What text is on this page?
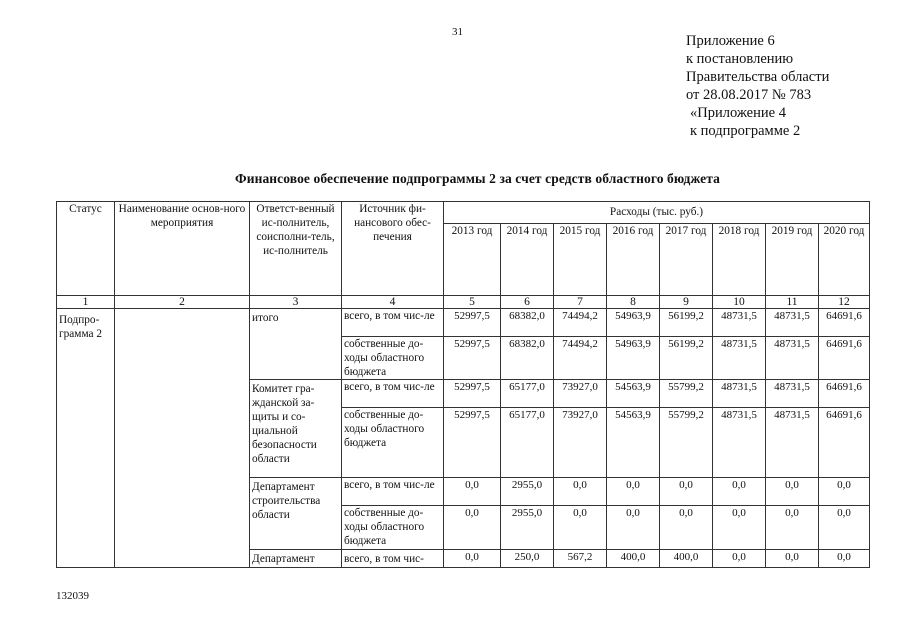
31
Приложение 6
к постановлению
Правительства области
от 28.08.2017 № 783
«Приложение 4
к подпрограмме 2
Финансовое обеспечение подпрограммы 2 за счет средств областного бюджета
Статус	Наименование основ-ного мероприятия	Ответст-венный ис-полнитель, соисполни-тель, ис-полнитель	Источник фи-нансового обес-печения	Расходы (тыс. руб.)							
				2013 год	2014 год	2015 год	2016 год	2017 год	2018 год	2019 год	2020 год
1	2	3	4	5	6	7	8	9	10	11	12
Подпро-грамма 2		итого	всего, в том чис-ле	52997,5	68382,0	74494,2	54963,9	56199,2	48731,5	48731,5	64691,6
			собственные до-ходы областного бюджета	52997,5	68382,0	74494,2	54963,9	56199,2	48731,5	48731,5	64691,6
		Комитет гра-жданской за-щиты и со-циальной безопасности области	всего, в том чис-ле	52997,5	65177,0	73927,0	54563,9	55799,2	48731,5	48731,5	64691,6
			собственные до-ходы областного бюджета	52997,5	65177,0	73927,0	54563,9	55799,2	48731,5	48731,5	64691,6
		Департамент строительства области	всего, в том чис-ле	0,0	2955,0	0,0	0,0	0,0	0,0	0,0	0,0
			собственные до-ходы областного бюджета	0,0	2955,0	0,0	0,0	0,0	0,0	0,0	0,0
		Департамент	всего, в том чис-	0,0	250,0	567,2	400,0	400,0	0,0	0,0	0,0
132039
